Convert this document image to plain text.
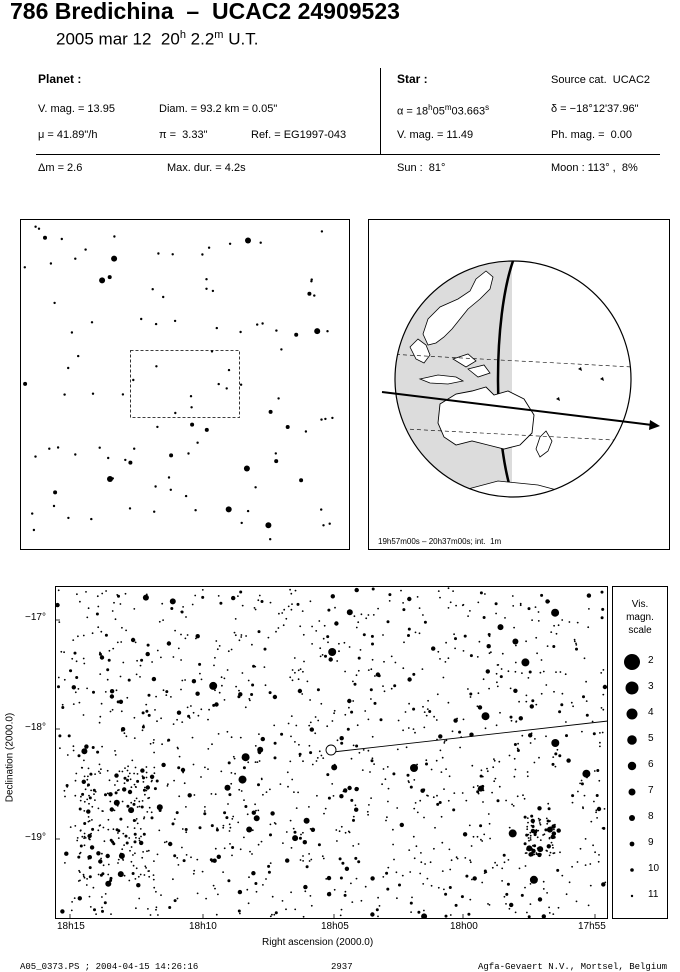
786 Bredichina  –  UCAC2 24909523
2005 mar 12  20$^h$ 2.2$^m$ U.T.
Planet :
V. mag. = 13.95	Diam. = 93.2 km = 0.05"
μ = 41.89"/h	π =  3.33"	Ref. = EG1997-043
Star :	Source cat.  UCAC2
$\alpha = 18^h05^m03.663^s$	δ = −18°12'37.96"
V. mag. = 11.49	Ph. mag. =  0.00
Δm = 2.6	Max. dur. = 4.2s	Sun :  81°	Moon : 113° ,  8%
19h57m00s – 20h37m00s; int.  1m
−17°
−18°
−19°
18h15	18h10	18h05	18h00	17h55
Right ascension (2000.0)
Declination (2000.0)
Vis.
magn.
scale
2
3
4
5
6
7
8
9
10
11
A05_0373.PS ; 2004-04-15 14:26:16	2937	Agfa-Gevaert N.V., Mortsel, Belgium
